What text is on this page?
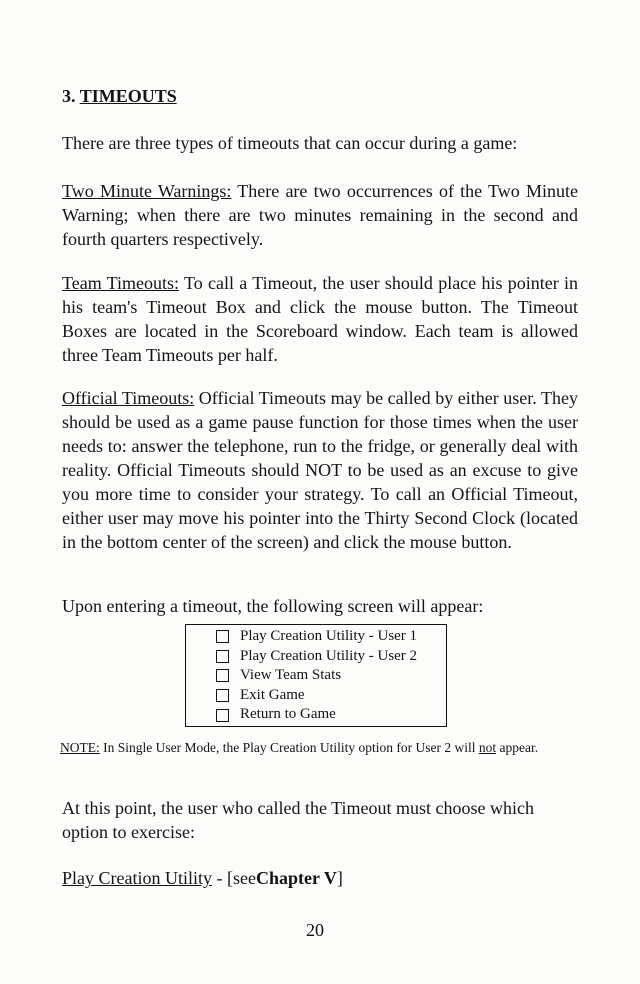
3. TIMEOUTS

There are three types of timeouts that can occur during a game:

Two Minute Warnings: There are two occurrences of the Two Minute Warning; when there are two minutes remaining in the second and fourth quarters respectively.

Team Timeouts: To call a Timeout, the user should place his pointer in his team's Timeout Box and click the mouse button. The Timeout Boxes are located in the Scoreboard window. Each team is allowed three Team Timeouts per half.

Official Timeouts: Official Timeouts may be called by either user. They should be used as a game pause function for those times when the user needs to: answer the telephone, run to the fridge, or generally deal with reality. Official Timeouts should NOT to be used as an excuse to give you more time to consider your strategy. To call an Official Timeout, either user may move his pointer into the Thirty Second Clock (located in the bottom center of the screen) and click the mouse button.

Upon entering a timeout, the following screen will appear:

Play Creation Utility - User 1
Play Creation Utility - User 2
View Team Stats
Exit Game
Return to Game

NOTE: In Single User Mode, the Play Creation Utility option for User 2 will not appear.

At this point, the user who called the Timeout must choose which option to exercise:

Play Creation Utility - [seeChapter V]

20
